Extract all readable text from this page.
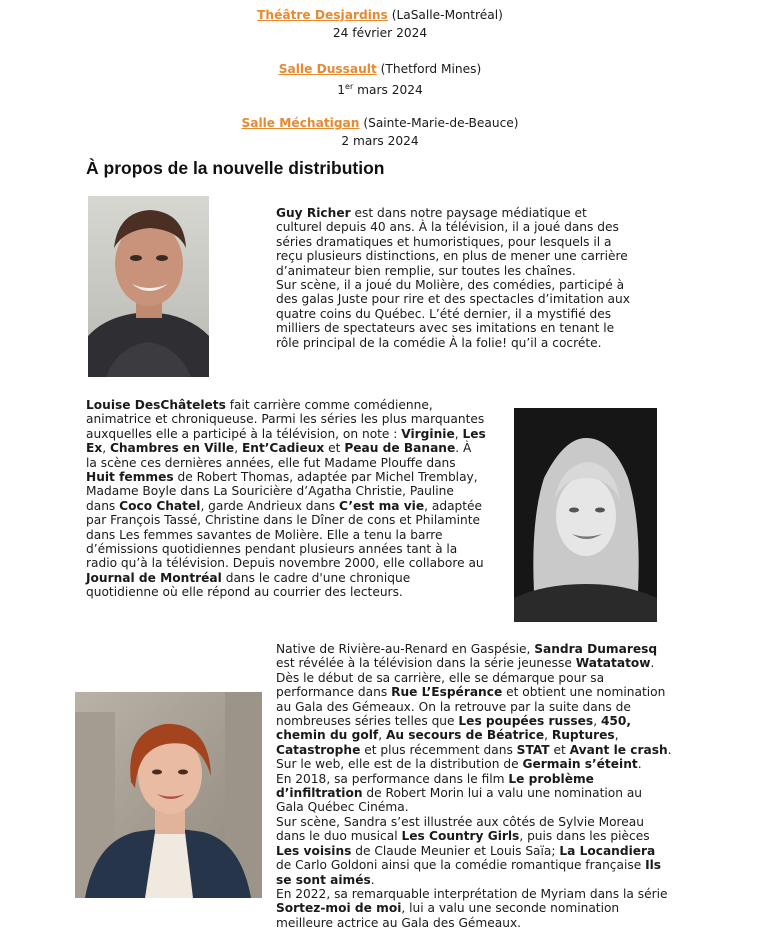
Théâtre Desjardins (LaSalle-Montréal)
24 février 2024
Salle Dussault (Thetford Mines)
1er mars 2024
Salle Méchatigan (Sainte-Marie-de-Beauce)
2 mars 2024
À propos de la nouvelle distribution

Guy Richer est dans notre paysage médiatique et culturel depuis 40 ans. À la télévision, il a joué dans des séries dramatiques et humoristiques, pour lesquels il a reçu plusieurs distinctions, en plus de mener une carrière d’animateur bien remplie, sur toutes les chaînes.

Sur scène, il a joué du Molière, des comédies, participé à des galas Juste pour rire et des spectacles d’imitation aux quatre coins du Québec. L’été dernier, il a mystifié des milliers de spectateurs avec ses imitations en tenant le rôle principal de la comédie À la folie! qu’il a cocréte.

Louise DesChâtelets fait carrière comme comédienne, animatrice et chroniqueuse. Parmi les séries les plus marquantes auxquelles elle a participé à la télévision, on note : Virginie, Les Ex, Chambres en Ville, Ent’Cadieux et Peau de Banane. À la scène ces dernières années, elle fut Madame Plouffe dans Huit femmes de Robert Thomas, adaptée par Michel Tremblay, Madame Boyle dans La Souricière d’Agatha Christie, Pauline dans Coco Chatel, garde Andrieux dans C’est ma vie, adaptée par François Tassé, Christine dans le Dîner de cons et Philaminte dans Les femmes savantes de Molière. Elle a tenu la barre d’émissions quotidiennes pendant plusieurs années tant à la radio qu’à la télévision. Depuis novembre 2000, elle collabore au Journal de Montréal dans le cadre d'une chronique quotidienne où elle répond au courrier des lecteurs.

Native de Rivière-au-Renard en Gaspésie, Sandra Dumaresq est révélée à la télévision dans la série jeunesse Watatatow.

Dès le début de sa carrière, elle se démarque pour sa performance dans Rue L’Espérance et obtient une nomination au Gala des Gémeaux. On la retrouve par la suite dans de nombreuses séries telles que Les poupées russes, 450, chemin du golf, Au secours de Béatrice, Ruptures, Catastrophe et plus récemment dans STAT et Avant le crash.

Sur le web, elle est de la distribution de Germain s’éteint.

En 2018, sa performance dans le film Le problème d’infiltration de Robert Morin lui a valu une nomination au Gala Québec Cinéma.

Sur scène, Sandra s’est illustrée aux côtés de Sylvie Moreau dans le duo musical Les Country Girls, puis dans les pièces Les voisins de Claude Meunier et Louis Saïa; La Locandiera de Carlo Goldoni ainsi que la comédie romantique française Ils se sont aimés.

En 2022, sa remarquable interprétation de Myriam dans la série Sortez-moi de moi, lui a valu une seconde nomination meilleure actrice au Gala des Gémeaux.
